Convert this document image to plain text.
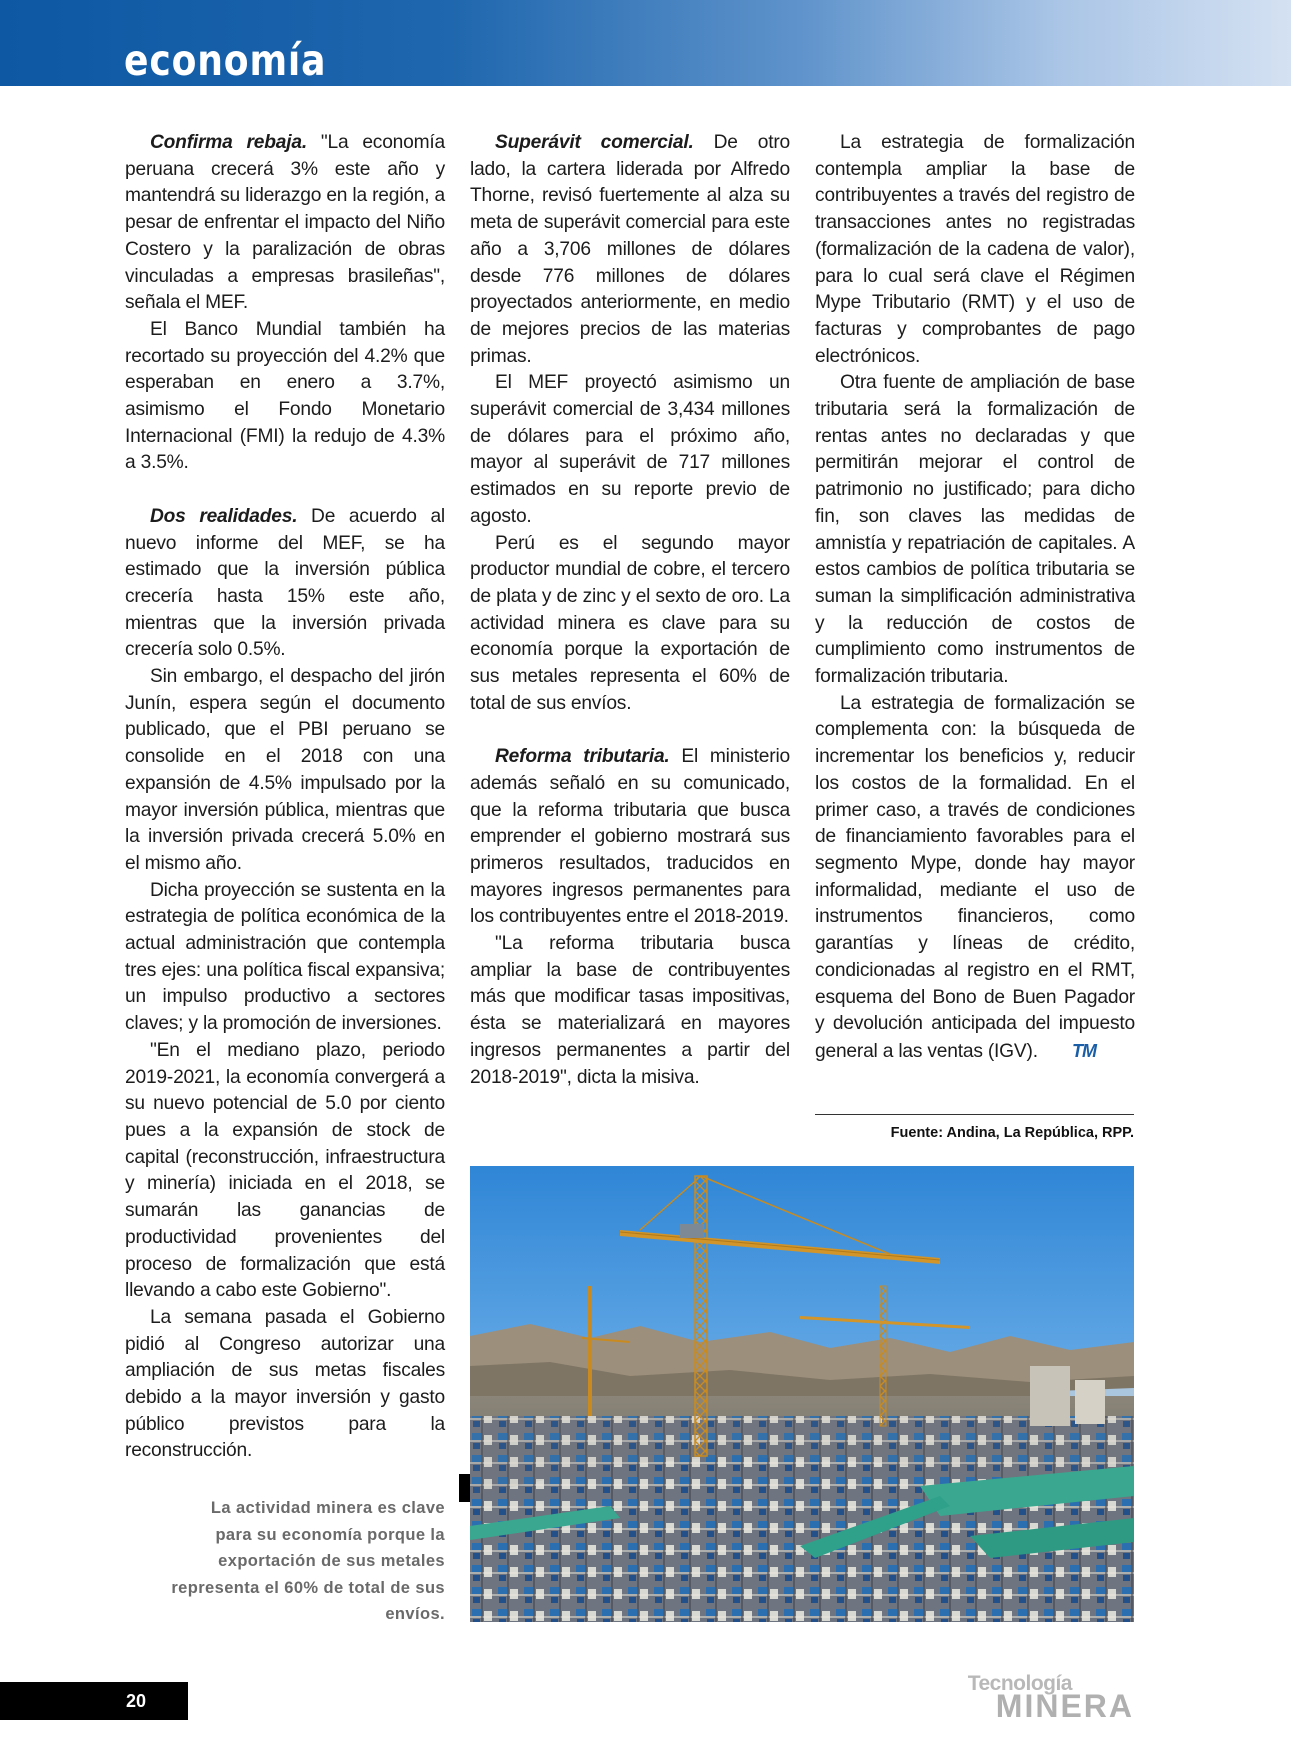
economía

Confirma rebaja. "La economía peruana crecerá 3% este año y mantendrá su liderazgo en la región, a pesar de enfrentar el impacto del Niño Costero y la paralización de obras vinculadas a empresas brasileñas", señala el MEF.

El Banco Mundial también ha recortado su proyección del 4.2% que esperaban en enero a 3.7%, asimismo el Fondo Monetario Internacional (FMI) la redujo de 4.3% a 3.5%.

Dos realidades. De acuerdo al nuevo informe del MEF, se ha estimado que la inversión pública crecería hasta 15% este año, mientras que la inversión privada crecería solo 0.5%.

Sin embargo, el despacho del jirón Junín, espera según el documento publicado, que el PBI peruano se consolide en el 2018 con una expansión de 4.5% impulsado por la mayor inversión pública, mientras que la inversión privada crecerá 5.0% en el mismo año.

Dicha proyección se sustenta en la estrategia de política económica de la actual administración que contempla tres ejes: una política fiscal expansiva; un impulso productivo a sectores claves; y la promoción de inversiones.

"En el mediano plazo, periodo 2019-2021, la economía convergerá a su nuevo potencial de 5.0 por ciento pues a la expansión de stock de capital (reconstrucción, infraestructura y minería) iniciada en el 2018, se sumarán las ganancias de productividad provenientes del proceso de formalización que está llevando a cabo este Gobierno".

La semana pasada el Gobierno pidió al Congreso autorizar una ampliación de sus metas fiscales debido a la mayor inversión y gasto público previstos para la reconstrucción.

Superávit comercial. De otro lado, la cartera liderada por Alfredo Thorne, revisó fuertemente al alza su meta de superávit comercial para este año a 3,706 millones de dólares desde 776 millones de dólares proyectados anteriormente, en medio de mejores precios de las materias primas.

El MEF proyectó asimismo un superávit comercial de 3,434 millones de dólares para el próximo año, mayor al superávit de 717 millones estimados en su reporte previo de agosto.

Perú es el segundo mayor productor mundial de cobre, el tercero de plata y de zinc y el sexto de oro. La actividad minera es clave para su economía porque la exportación de sus metales representa el 60% de total de sus envíos.

Reforma tributaria. El ministerio además señaló en su comunicado, que la reforma tributaria que busca emprender el gobierno mostrará sus primeros resultados, traducidos en mayores ingresos permanentes para los contribuyentes entre el 2018-2019.

"La reforma tributaria busca ampliar la base de contribuyentes más que modificar tasas impositivas, ésta se materializará en mayores ingresos permanentes a partir del 2018-2019", dicta la misiva.

La estrategia de formalización contempla ampliar la base de contribuyentes a través del registro de transacciones antes no registradas (formalización de la cadena de valor), para lo cual será clave el Régimen Mype Tributario (RMT) y el uso de facturas y comprobantes de pago electrónicos.

Otra fuente de ampliación de base tributaria será la formalización de rentas antes no declaradas y que permitirán mejorar el control de patrimonio no justificado; para dicho fin, son claves las medidas de amnistía y repatriación de capitales. A estos cambios de política tributaria se suman la simplificación administrativa y la reducción de costos de cumplimiento como instrumentos de formalización tributaria.

La estrategia de formalización se complementa con: la búsqueda de incrementar los beneficios y, reducir los costos de la formalidad. En el primer caso, a través de condiciones de financiamiento favorables para el segmento Mype, donde hay mayor informalidad, mediante el uso de instrumentos financieros, como garantías y líneas de crédito, condicionadas al registro en el RMT, esquema del Bono de Buen Pagador y devolución anticipada del impuesto general a las ventas (IGV). TM

Fuente: Andina, La República, RPP.
La actividad minera es clave para su economía porque la exportación de sus metales representa el 60% de total de sus envíos.
20
Tecnología
MINERA
